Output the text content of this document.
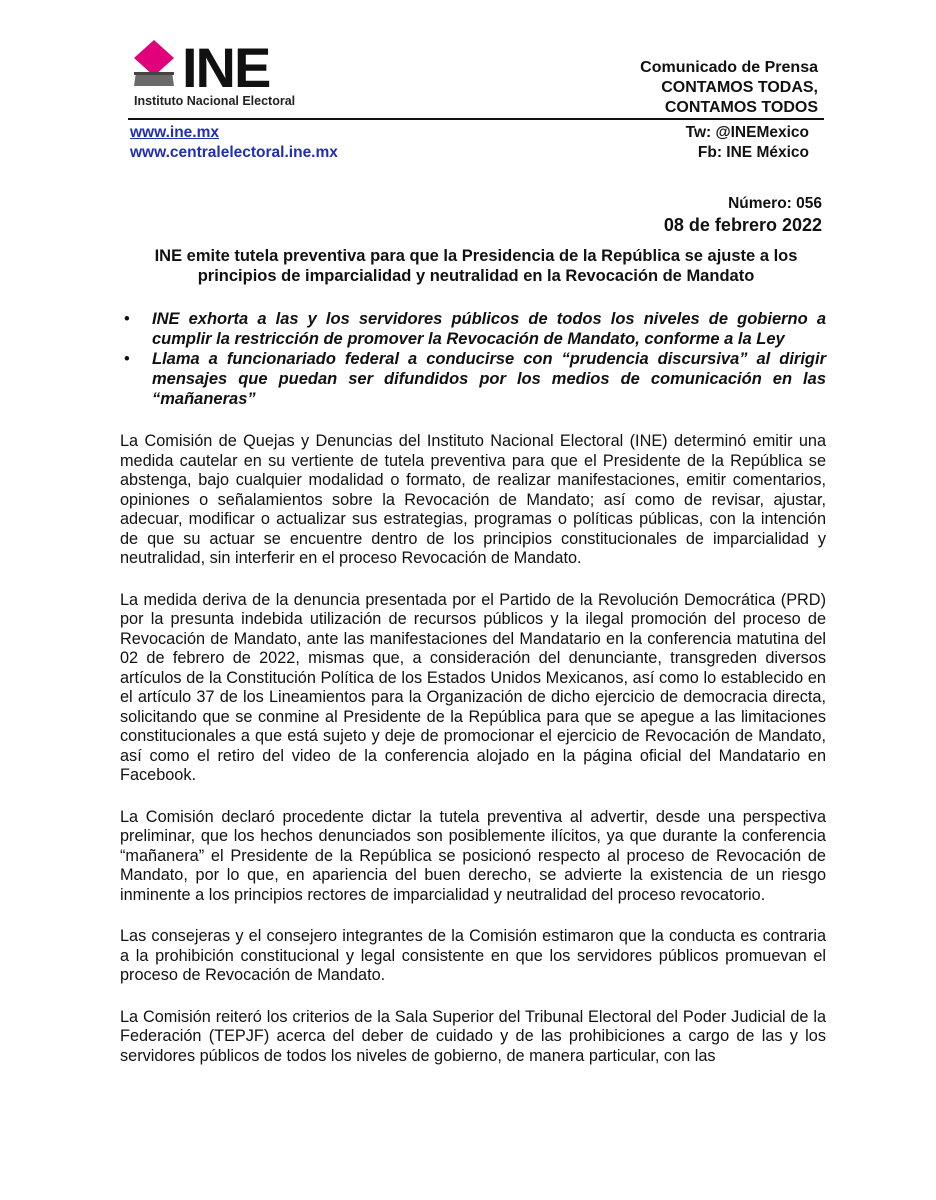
INE
Instituto Nacional Electoral
Comunicado de Prensa
CONTAMOS TODAS,
CONTAMOS TODOS
www.ine.mx
www.centralelectoral.ine.mx
Tw: @INEMexico
Fb: INE México
Número: 056
08 de febrero 2022
INE emite tutela preventiva para que la Presidencia de la República se ajuste a los principios de imparcialidad y neutralidad en la Revocación de Mandato
• INE exhorta a las y los servidores públicos de todos los niveles de gobierno a cumplir la restricción de promover la Revocación de Mandato, conforme a la Ley
• Llama a funcionariado federal a conducirse con “prudencia discursiva” al dirigir mensajes que puedan ser difundidos por los medios de comunicación en las “mañaneras”

La Comisión de Quejas y Denuncias del Instituto Nacional Electoral (INE) determinó emitir una medida cautelar en su vertiente de tutela preventiva para que el Presidente de la República se abstenga, bajo cualquier modalidad o formato, de realizar manifestaciones, emitir comentarios, opiniones o señalamientos sobre la Revocación de Mandato; así como de revisar, ajustar, adecuar, modificar o actualizar sus estrategias, programas o políticas públicas, con la intención de que su actuar se encuentre dentro de los principios constitucionales de imparcialidad y neutralidad, sin interferir en el proceso Revocación de Mandato.

La medida deriva de la denuncia presentada por el Partido de la Revolución Democrática (PRD) por la presunta indebida utilización de recursos públicos y la ilegal promoción del proceso de Revocación de Mandato, ante las manifestaciones del Mandatario en la conferencia matutina del 02 de febrero de 2022, mismas que, a consideración del denunciante, transgreden diversos artículos de la Constitución Política de los Estados Unidos Mexicanos, así como lo establecido en el artículo 37 de los Lineamientos para la Organización de dicho ejercicio de democracia directa, solicitando que se conmine al Presidente de la República para que se apegue a las limitaciones constitucionales a que está sujeto y deje de promocionar el ejercicio de Revocación de Mandato, así como el retiro del video de la conferencia alojado en la página oficial del Mandatario en Facebook.

La Comisión declaró procedente dictar la tutela preventiva al advertir, desde una perspectiva preliminar, que los hechos denunciados son posiblemente ilícitos, ya que durante la conferencia “mañanera” el Presidente de la República se posicionó respecto al proceso de Revocación de Mandato, por lo que, en apariencia del buen derecho, se advierte la existencia de un riesgo inminente a los principios rectores de imparcialidad y neutralidad del proceso revocatorio.

Las consejeras y el consejero integrantes de la Comisión estimaron que la conducta es contraria a la prohibición constitucional y legal consistente en que los servidores públicos promuevan el proceso de Revocación de Mandato.

La Comisión reiteró los criterios de la Sala Superior del Tribunal Electoral del Poder Judicial de la Federación (TEPJF) acerca del deber de cuidado y de las prohibiciones a cargo de las y los servidores públicos de todos los niveles de gobierno, de manera particular, con las
